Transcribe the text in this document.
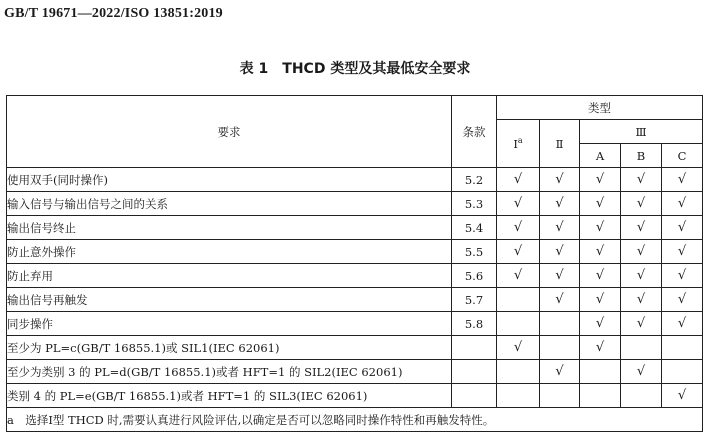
GB/T 19671—2022/ISO 13851:2019
表 1　THCD 类型及其最低安全要求
要求	条款	类型				
		Ⅰ$^a$	Ⅱ	Ⅲ		
				A	B	C
使用双手(同时操作)	5.2	√	√	√	√	√
输入信号与输出信号之间的关系	5.3	√	√	√	√	√
输出信号终止	5.4	√	√	√	√	√
防止意外操作	5.5	√	√	√	√	√
防止弃用	5.6	√	√	√	√	√
输出信号再触发	5.7		√	√	√	√
同步操作	5.8			√	√	√
至少为 PL=c(GB/T 16855.1)或 SIL1(IEC 62061)		√		√		
至少为类别 3 的 PL=d(GB/T 16855.1)或者 HFT=1 的 SIL2(IEC 62061)			√		√	
类别 4 的 PL=e(GB/T 16855.1)或者 HFT=1 的 SIL3(IEC 62061)						√
a　选择Ⅰ型 THCD 时,需要认真进行风险评估,以确定是否可以忽略同时操作特性和再触发特性。						
